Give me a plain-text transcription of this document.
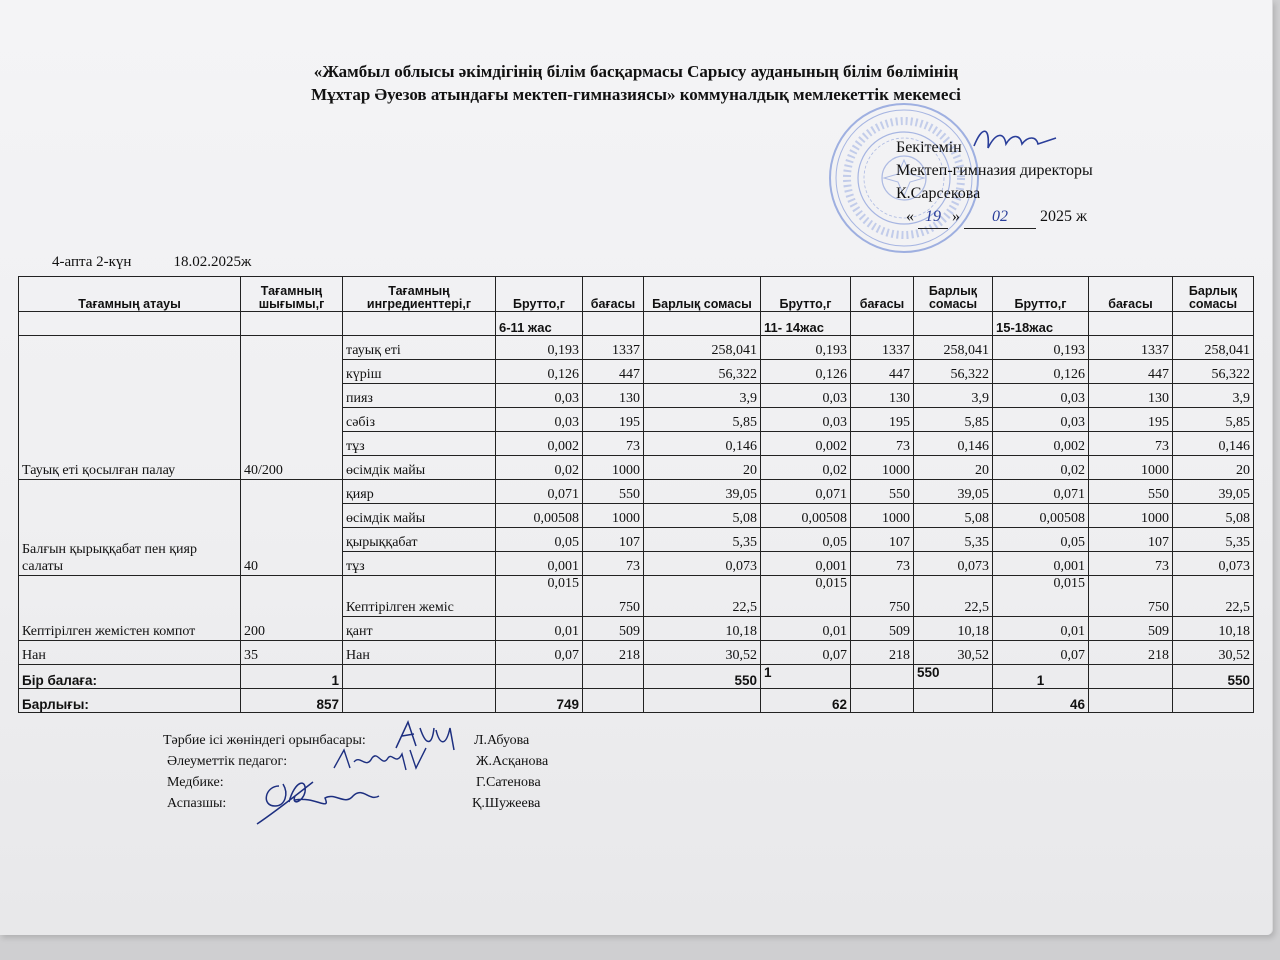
«Жамбыл облысы әкімдігінің білім басқармасы Сарысу ауданының білім бөлімінің
Мұхтар Әуезов атындағы мектеп-гимназиясы» коммуналдық мемлекеттік мекемесі
Бекітемін
Мектеп-гимназия директоры
К.Сарсекова
« 19 » 02 2025 ж
4-апта 2-күн	18.02.2025ж
Тағамның атауы	Тағамның шығымы,г	Тағамның ингредиенттері,г	Брутто,г	бағасы	Барлық сомасы	Брутто,г	бағасы	Барлық сомасы	Брутто,г	бағасы	Барлық сомасы
			6-11 жас			11- 14жас			15-18жас		
Тауық еті қосылған палау	40/200	тауық еті	0,193	1337	258,041	0,193	1337	258,041	0,193	1337	258,041
		күріш	0,126	447	56,322	0,126	447	56,322	0,126	447	56,322
		пияз	0,03	130	3,9	0,03	130	3,9	0,03	130	3,9
		сәбіз	0,03	195	5,85	0,03	195	5,85	0,03	195	5,85
		тұз	0,002	73	0,146	0,002	73	0,146	0,002	73	0,146
		өсімдік майы	0,02	1000	20	0,02	1000	20	0,02	1000	20
Балғын қырыққабат пен қияр салаты	40	қияр	0,071	550	39,05	0,071	550	39,05	0,071	550	39,05
		өсімдік майы	0,00508	1000	5,08	0,00508	1000	5,08	0,00508	1000	5,08
		қырыққабат	0,05	107	5,35	0,05	107	5,35	0,05	107	5,35
		тұз	0,001	73	0,073	0,001	73	0,073	0,001	73	0,073
Кептірілген жемістен компот	200	Кептірілген жеміс	0,015	750	22,5	0,015	750	22,5	0,015	750	22,5
		қант	0,01	509	10,18	0,01	509	10,18	0,01	509	10,18
Нан	35	Нан	0,07	218	30,52	0,07	218	30,52	0,07	218	30,52
Бір балаға:	1				550	1		550	1		550
Барлығы:	857		749			62			46		
Тәрбие ісі жөніндегі орынбасары:	Л.Абуова
Әлеуметтік педагог:	Ж.Асқанова
Медбике:	Г.Сатенова
Аспазшы:	Қ.Шужеева
